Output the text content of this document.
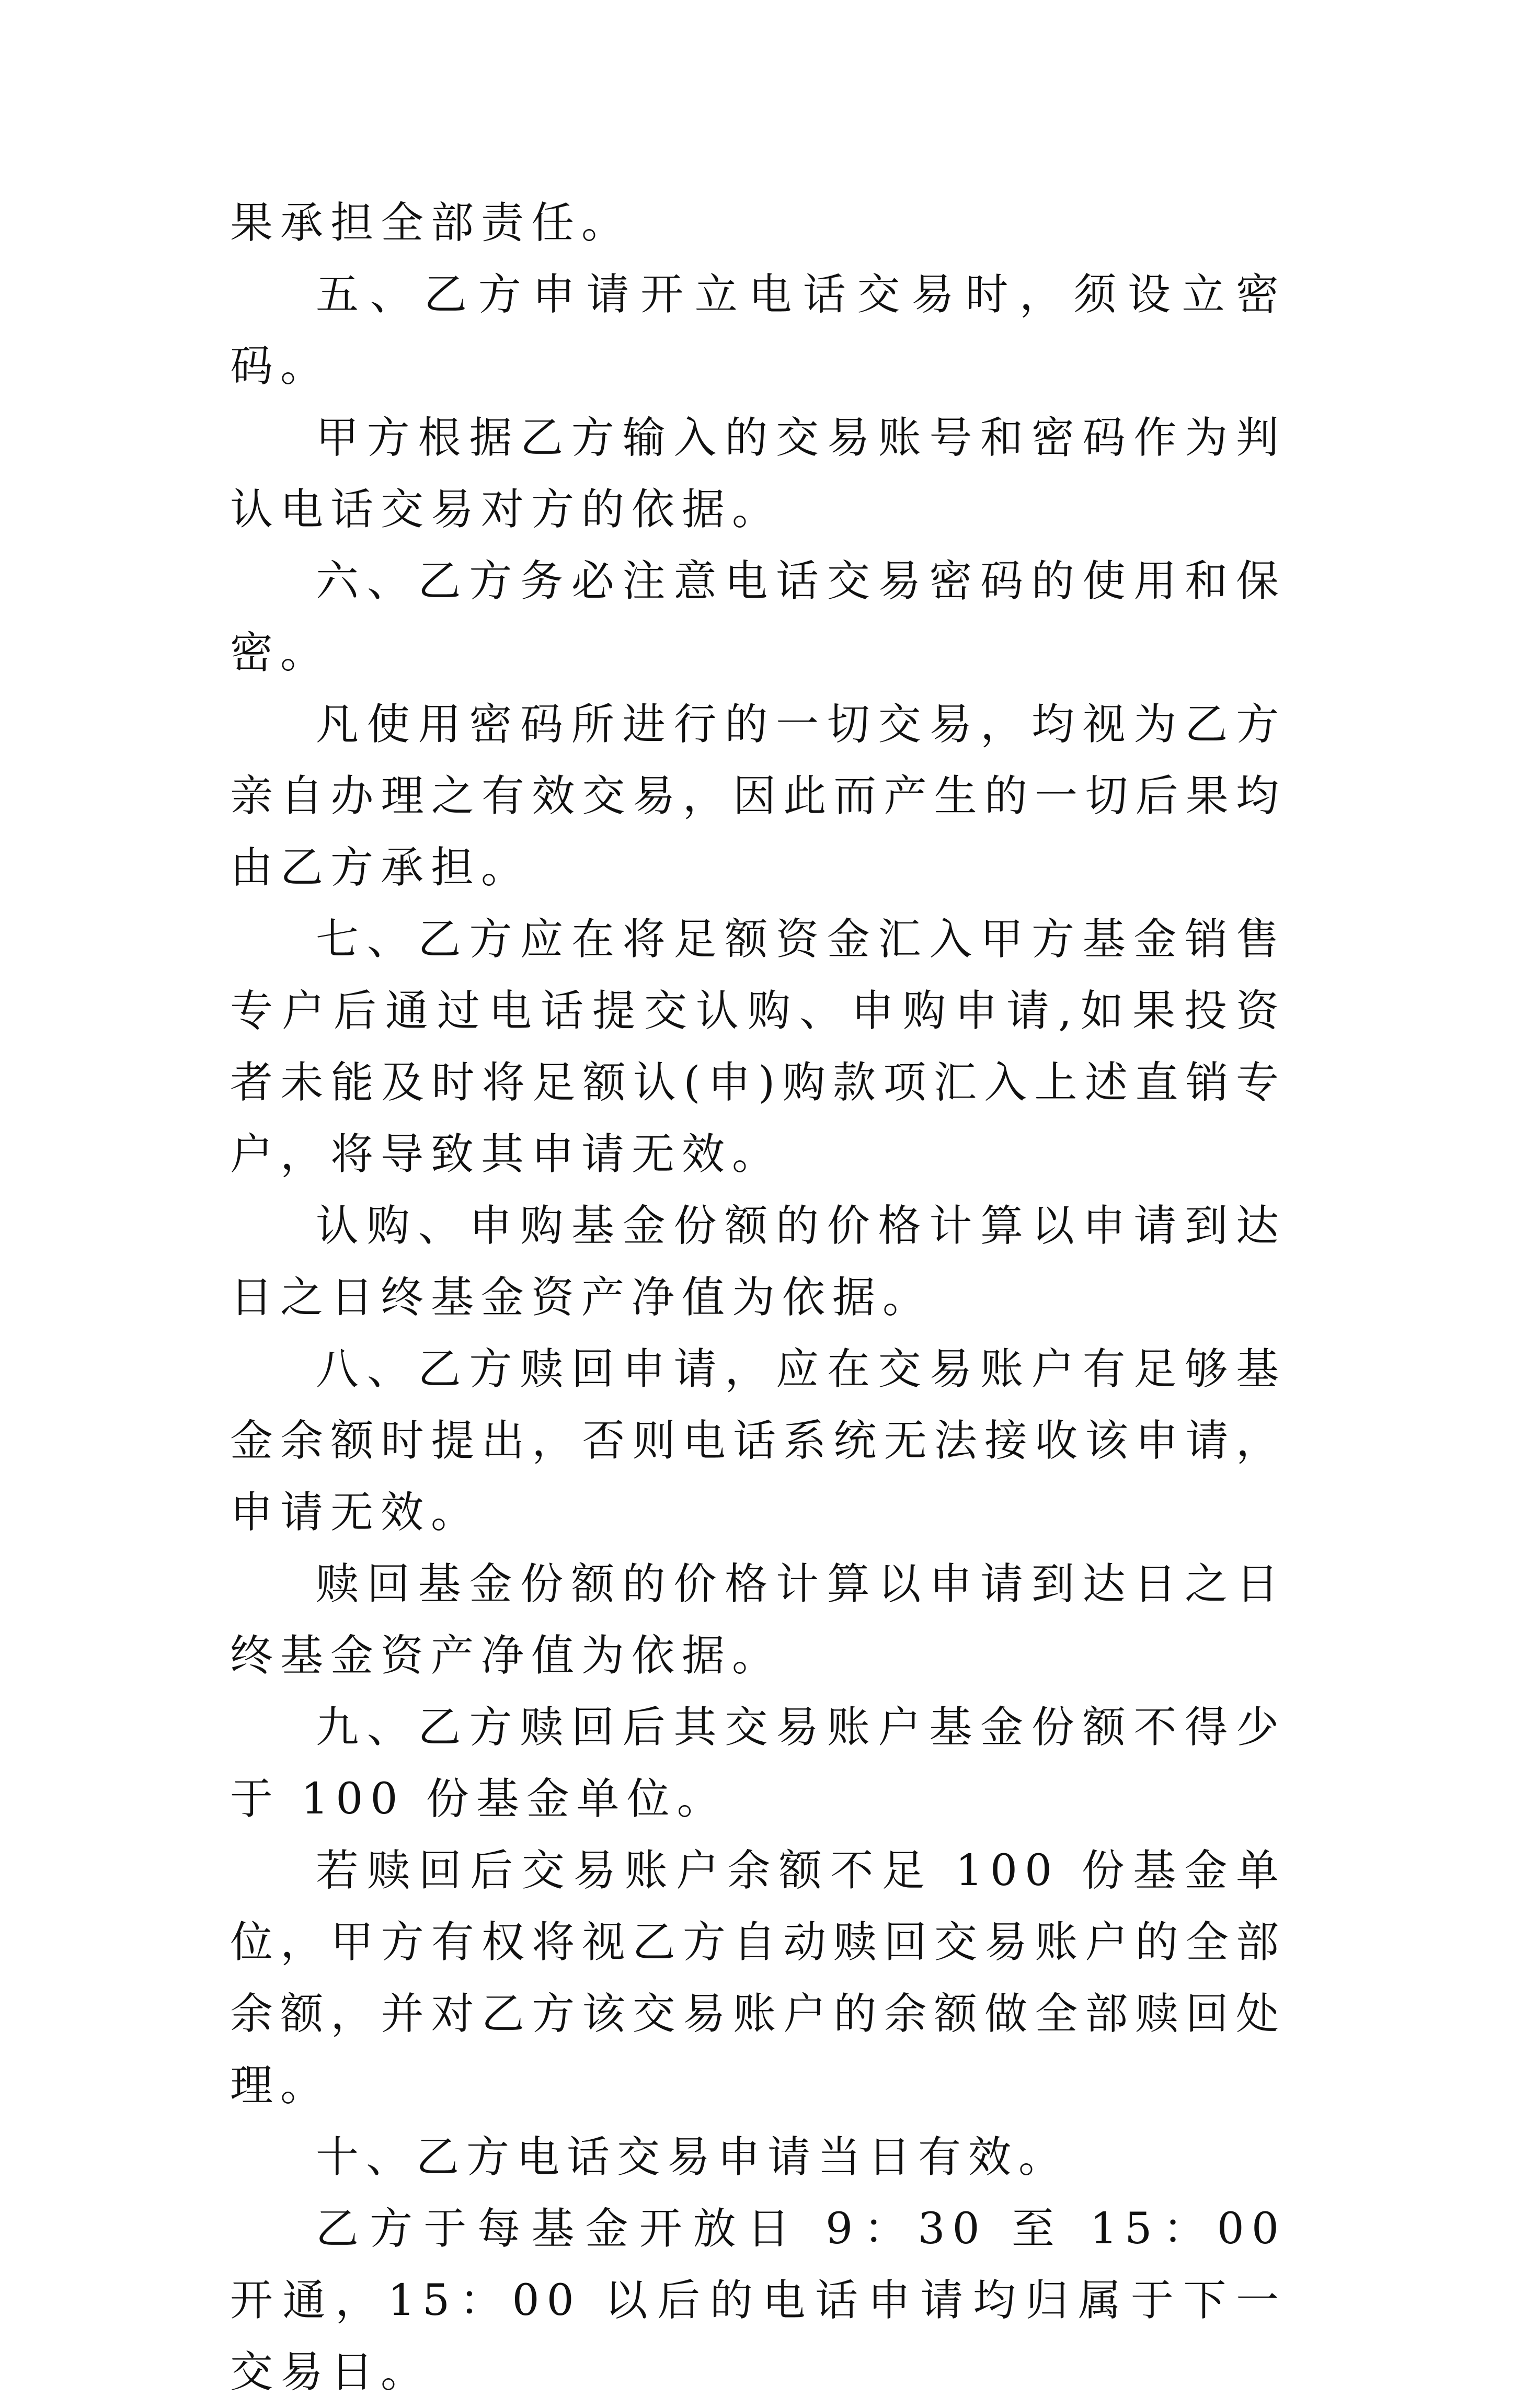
果承担全部责任。

五、乙方申请开立电话交易时，须设立密码。

甲方根据乙方输入的交易账号和密码作为判认电话交易对方的依据。

六、乙方务必注意电话交易密码的使用和保密。

凡使用密码所进行的一切交易，均视为乙方亲自办理之有效交易，因此而产生的一切后果均由乙方承担。

七、乙方应在将足额资金汇入甲方基金销售专户后通过电话提交认购、申购申请,如果投资者未能及时将足额认(申)购款项汇入上述直销专户，将导致其申请无效。

认购、申购基金份额的价格计算以申请到达日之日终基金资产净值为依据。

八、乙方赎回申请，应在交易账户有足够基金余额时提出，否则电话系统无法接收该申请，申请无效。

赎回基金份额的价格计算以申请到达日之日终基金资产净值为依据。

九、乙方赎回后其交易账户基金份额不得少于 100 份基金单位。

若赎回后交易账户余额不足 100 份基金单位，甲方有权将视乙方自动赎回交易账户的全部余额，并对乙方该交易账户的余额做全部赎回处理。

十、乙方电话交易申请当日有效。

乙方于每基金开放日 9：30 至 15：00 开通，15：00 以后的电话申请均归属于下一交易日。
